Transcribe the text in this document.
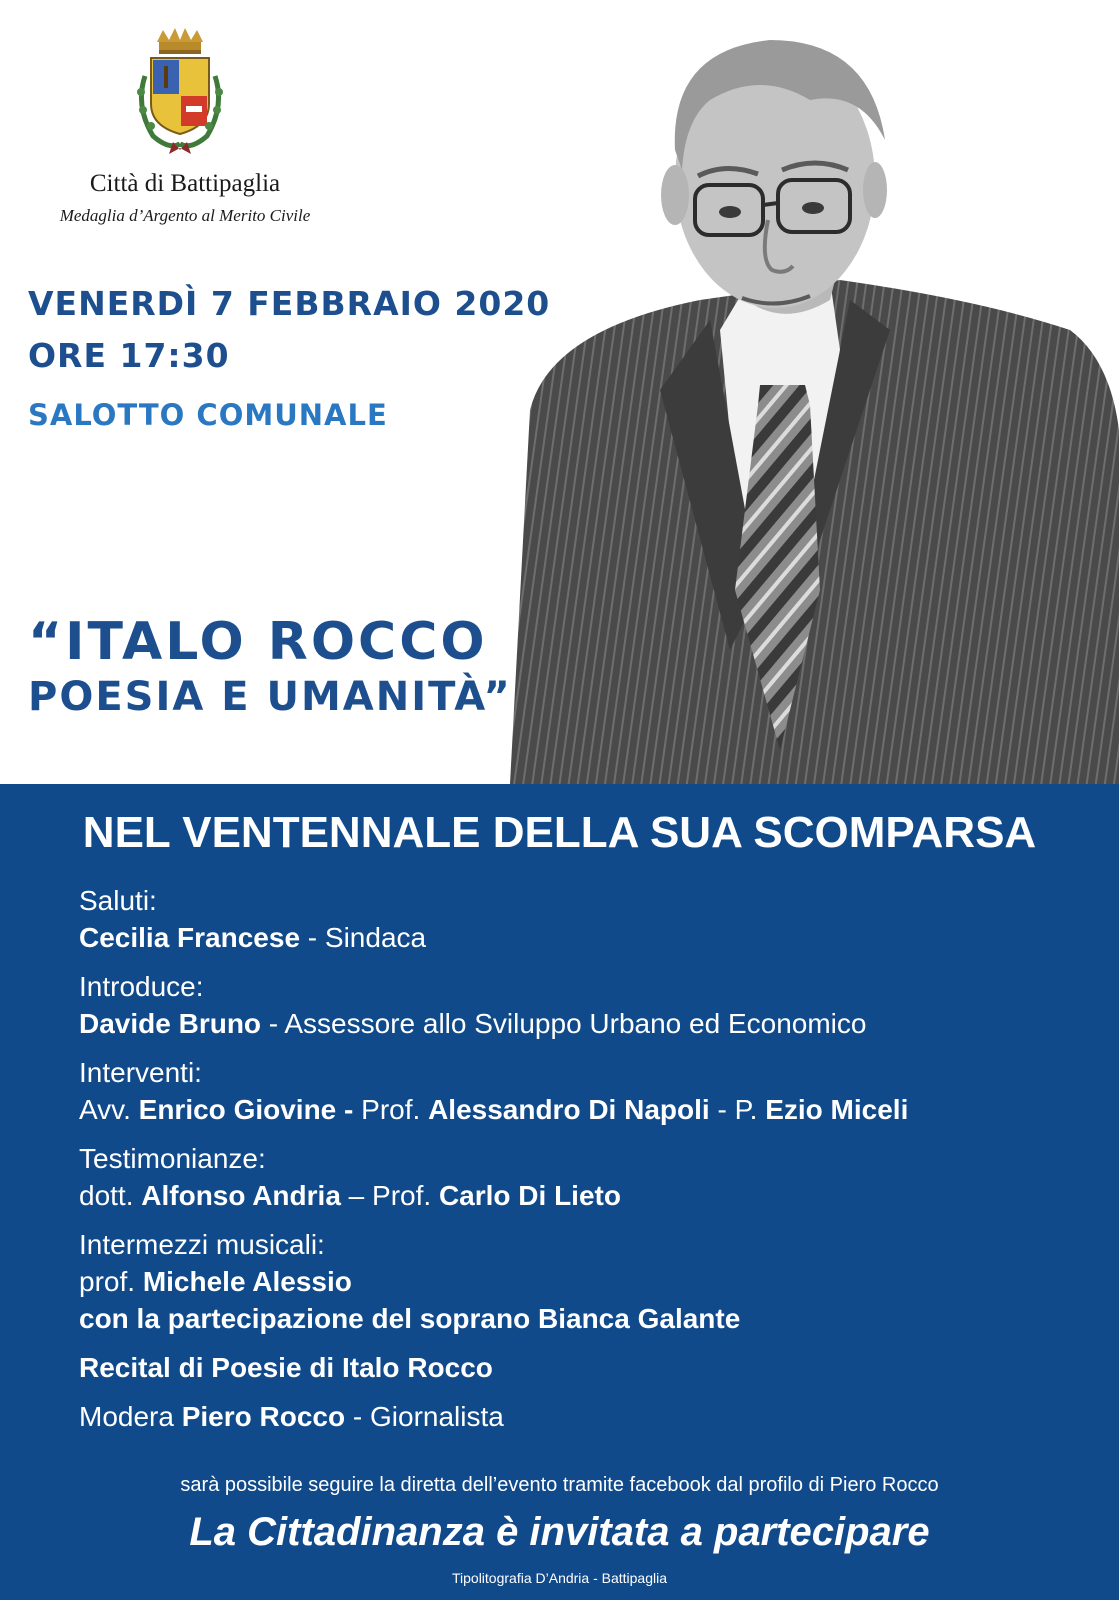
Città di Battipaglia
Medaglia d’Argento al Merito Civile
VENERDÌ 7 FEBBRAIO 2020
ORE 17:30
SALOTTO COMUNALE
“ITALO ROCCO
POESIA E UMANITÀ”
NEL VENTENNALE DELLA SUA SCOMPARSA
Saluti:
Cecilia Francese - Sindaca
Introduce:
Davide Bruno - Assessore allo Sviluppo Urbano ed Economico
Interventi:
Avv. Enrico Giovine - Prof. Alessandro Di Napoli - P. Ezio Miceli
Testimonianze:
dott. Alfonso Andria – Prof. Carlo Di Lieto
Intermezzi musicali:
prof. Michele Alessio
con la partecipazione del soprano Bianca Galante
Recital di Poesie di Italo Rocco
Modera Piero Rocco - Giornalista
sarà possibile seguire la diretta dell’evento tramite facebook dal profilo di Piero Rocco
La Cittadinanza è invitata a partecipare
Tipolitografia D’Andria - Battipaglia
